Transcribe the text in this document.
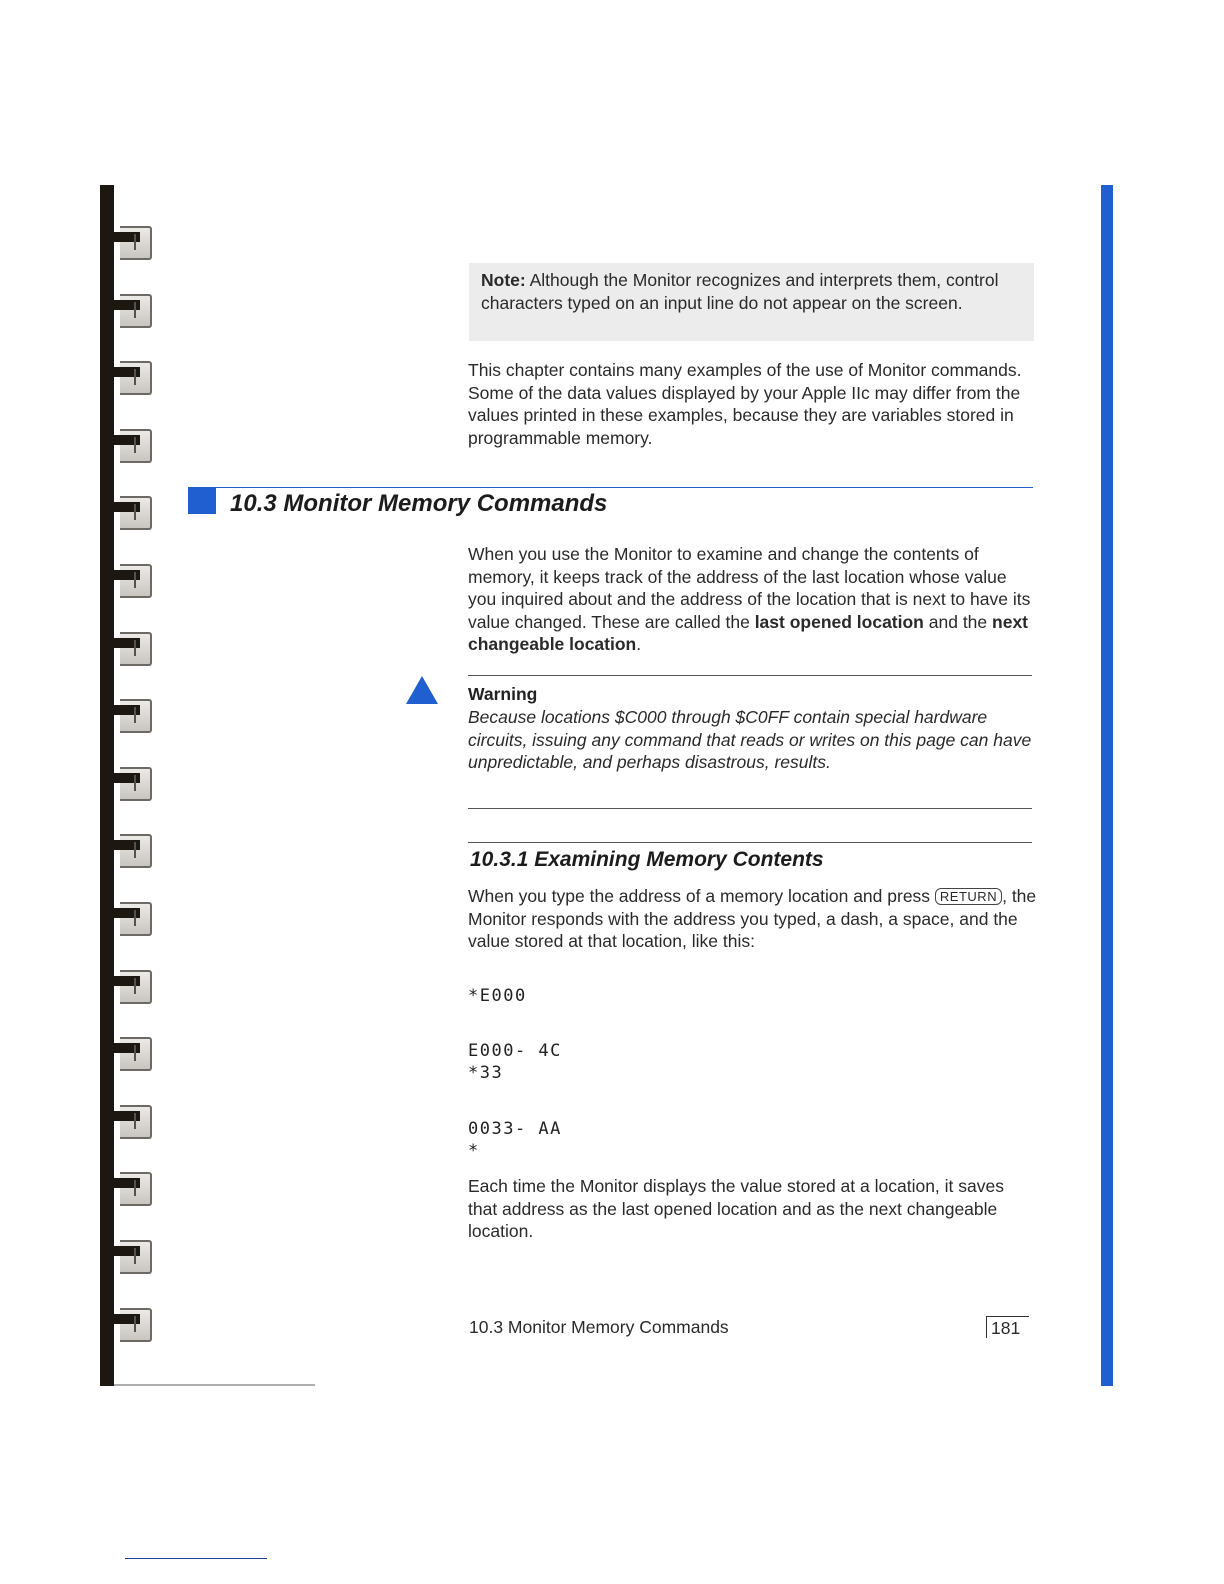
Note: Although the Monitor recognizes and interprets them, control characters typed on an input line do not appear on the screen.
This chapter contains many examples of the use of Monitor commands. Some of the data values displayed by your Apple IIc may differ from the values printed in these examples, because they are variables stored in programmable memory.
10.3 Monitor Memory Commands
When you use the Monitor to examine and change the contents of memory, it keeps track of the address of the last location whose value you inquired about and the address of the location that is next to have its value changed. These are called the last opened location and the next changeable location.
Warning
Because locations $C000 through $C0FF contain special hardware circuits, issuing any command that reads or writes on this page can have unpredictable, and perhaps disastrous, results.
10.3.1 Examining Memory Contents
When you type the address of a memory location and press RETURN , the Monitor responds with the address you typed, a dash, a space, and the value stored at that location, like this:
*E000
E000- 4C
*33
0033- AA
*
Each time the Monitor displays the value stored at a location, it saves that address as the last opened location and as the next changeable location.
10.3 Monitor Memory Commands	181
